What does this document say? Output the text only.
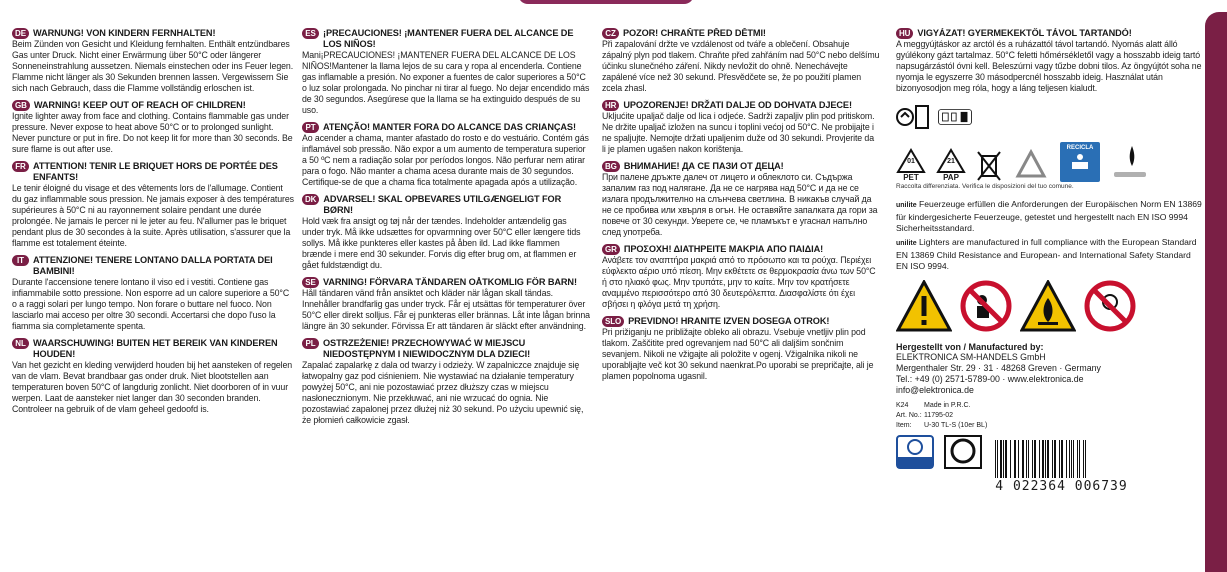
DE WARNUNG! VON KINDERN FERNHALTEN!
Beim Zünden von Gesicht und Kleidung fernhalten. Enthält entzündbares Gas unter Druck. Nicht einer Erwärmung über 50°C oder längerer Sonneneinstrahlung aussetzen. Niemals einstechen oder ins Feuer legen. Flamme nicht länger als 30 Sekunden brennen lassen. Vergewissern Sie sich nach Gebrauch, dass die Flamme vollständig erloschen ist.
GB WARNING! KEEP OUT OF REACH OF CHILDREN!
Ignite lighter away from face and clothing. Contains flammable gas under pressure. Never expose to heat above 50°C or to prolonged sunlight. Never puncture or put in fire. Do not keep lit for more than 30 seconds. Be sure flame is out after use.
FR ATTENTION! TENIR LE BRIQUET HORS DE PORTÉE DES ENFANTS!
Le tenir éloigné du visage et des vêtements lors de l'allumage. Contient du gaz inflammable sous pression. Ne jamais exposer à des températures supérieures à 50°C ni au rayonnement solaire pendant une durée prolongée. Ne jamais le percer ni le jeter au feu. N'allumer pas le briquet pendant plus de 30 secondes à la suite. Après utilisation, s'assurer que la flamme est totalement éteinte.
IT ATTENZIONE! TENERE LONTANO DALLA PORTATA DEI BAMBINI!
Durante l'accensione tenere lontano il viso ed i vestiti. Contiene gas infiammabile sotto pressione. Non esporre ad un calore superiore a 50°C o a raggi solari per lungo tempo. Non forare o buttare nel fuoco. Non lasciarlo mai acceso per oltre 30 secondi. Accertarsi che dopo l'uso la fiamma sia completamente spenta.
NL WAARSCHUWING! BUITEN HET BEREIK VAN KINDEREN HOUDEN!
Van het gezicht en kleding verwijderd houden bij het aansteken of regelen van de vlam. Bevat brandbaar gas onder druk. Niet blootstellen aan temperaturen boven 50°C of langdurig zonlicht. Niet doorboren of in vuur werpen. Laat de aansteker niet langer dan 30 seconden branden. Controleer na gebruik of de vlam geheel gedoofd is.
ES ¡PRECAUCIONES! ¡MANTENER FUERA DEL ALCANCE DE LOS NIÑOS!
Mani¡PRECAUCIONES! ¡MANTENER FUERA DEL ALCANCE DE LOS NIÑOS!Mantener la llama lejos de su cara y ropa al encenderla. Contiene gas inflamable a presión. No exponer a fuentes de calor superiores a 50°C o luz solar prolongada. No pinchar ni tirar al fuego. No dejar encendido más de 30 segundos. Asegúrese que la llama se ha extinguido después de su uso.
PT ATENÇÃO! MANTER FORA DO ALCANCE DAS CRIANÇAS!
Ao acender a chama, manter afastado do rosto e do vestuário. Contém gás inflamável sob pressão. Não expor a um aumento de temperatura superior a 50 ºC nem a radiação solar por períodos longos. Não perfurar nem atirar para o fogo. Não manter a chama acesa durante mais de 30 segundos. Certifique-se de que a chama fica totalmente apagada após a utilização.
DK ADVARSEL! SKAL OPBEVARES UTILGÆNGELIGT FOR BØRN!
Hold væk fra ansigt og tøj når der tændes. Indeholder antændelig gas under tryk. Må ikke udsættes for opvarmning over 50°C eller længere tids sollys. Må ikke punkteres eller kastes på åben ild. Lad ikke flammen brænde i mere end 30 sekunder. Forvis dig efter brug om, at flammen er gået fuldstændigt du.
SE VARNING! FÖRVARA TÄNDAREN OÅTKOMLIG FÖR BARN!
Håll tändaren vänd från ansiktet och kläder när lågan skall tändas. Innehåller brandfarlig gas under tryck. Får ej utsättas för temperaturer över 50°C eller direkt solljus. Får ej punkteras eller brännas. Låt inte lågan brinna längre än 30 sekunder. Förvissa Er att tändaren är släckt efter användning.
PL OSTRZEŻENIE! PRZECHOWYWAĆ W MIEJSCU NIEDOSTĘPNYM I NIEWIDOCZNYM DLA DZIECI!
Zapalać zapalarkę z dala od twarzy i odzieży. W zapalniczce znajduje się łatwopalny gaz pod ciśnieniem. Nie wystawiać na działanie temperatury powyżej 50°C, ani nie pozostawiać przez dłuższy czas w miejscu nasłonecznionym. Nie przekłuwać, ani nie wrzucać do ognia. Nie pozostawiać zapalonej przez dłużej niż 30 sekund. Po użyciu upewnić się, że płomień całkowicie zgasł.
CZ POZOR! CHRAŇTE PŘED DĚTMI!
Při zapalování držte ve vzdálenost od tváře a oblečení. Obsahuje zápalný plyn pod tlakem. Chraňte před zahřáním nad 50°C nebo delšímu účinku slunečného záření. Nikdy nevložit do ohně. Nenechávejte zapálené více než 30 sekund. Přesvědčete se, že po použití plamen zcela zhasl.
HR UPOZORENJE! DRŽATI DALJE OD DOHVATA DJECE!
Ukljućite upaljač dalje od lica i odjeće. Sadrži zapaljiv plin pod pritiskom. Ne držite upaljač izložen na suncu i toplini većoj od 50°C. Ne probijajte i ne spaljujte. Nemojte držati upaljenim duže od 30 sekundi. Provjerite da li je plamen ugašen nakon korištenja.
BG ВНИМАНИЕ! ДА СЕ ПАЗИ ОТ ДЕЦА!
При палене дръжте далеч от лицето и облеклото си. Съдържа запалим газ под налягане. Да не се нагрява над 50°C и да не се излага продължително на слънчева светлина. В никакъв случай да не се пробива или хвърля в огън. Не оставяйте запалката да гори за повече от 30 секунди. Уверете се, че пламъкът е угаснал напълно след употреба.
GR ΠΡΟΣΟΧΗ! ΔΙΑΤΗΡΕΙΤΕ ΜΑΚΡΙΑ ΑΠΟ ΠΑΙΔΙΑ!
Ανάβετε τον αναπτήρα μακριά από το πρόσωπο και τα ρούχα. Περιέχει εύφλεκτο αέριο υπό πίεση. Μην εκθέτετε σε θερμοκρασία άνω των 50°C ή στο ηλιακό φως. Μην τρυπάτε, μην το καίτε. Μην τον κρατήσετε αναμμένο περισσότερο από 30 δευτερόλεπτα. Διασφαλίστε ότι έχει σβήσει η φλόγα μετά τη χρήση.
SLO PREVIDNO! HRANITE IZVEN DOSEGA OTROK!
Pri prižiganju ne približajte obleko ali obrazu. Vsebuje vnetljiv plin pod tlakom. Zaščitite pred ogrevanjem nad 50°C ali daljšim sončnim sevanjem. Nikoli ne vžigajte ali položite v ogenj. Vžigalnika nikoli ne uporabljajte več kot 30 sekund naenkrat.Po uporabi se prepričajte, ali je plamen popolnoma ugasnil.
HU VIGYÁZAT! GYERMEKEKTŐL TÁVOL TARTANDÓ!
A meggyújtáskor az arctól és a ruházattól távol tartandó. Nyomás alatt álló gyúlékony gázt tartalmaz. 50°C feletti hőmérsékletől vagy a hosszabb ideig tartó napsugárzástól óvni kell. Beleszúrni vagy tűzbe dobni tilos. Az öngyújtót soha ne nyomja le egyszerre 30 másodpercnél hosszabb ideig. Használat után bizonyosodjon meg róla, hogy a láng teljesen kialudt.
01
PET
21
PAP
RECICLA
Raccolta differenziata. Verifica le disposizioni del tuo comune.
unilite Feuerzeuge erfüllen die Anforderungen der Europäischen Norm EN 13869 für kindergesicherte Feuerzeuge, getestet und hergestellt nach EN ISO 9994 Sicherheitsstandard.
unilite Lighters are manufactured in full compliance with the European Standard EN 13869 Child Resistance and European- and International Safety Standard EN ISO 9994.
Hergestellt von / Manufactured by:
ELEKTRONICA SM-HANDELS GmbH
Mergenthaler Str. 29 · 31 · 48268 Greven · Germany
Tel.: +49 (0) 2571-5789-00 · www.elektronica.de
info@elektronica.de
K24	Made in P.R.C.
Art. No.: 11795-02
Item:	U-30 TL-S (10er BL)
4 022364 006739
